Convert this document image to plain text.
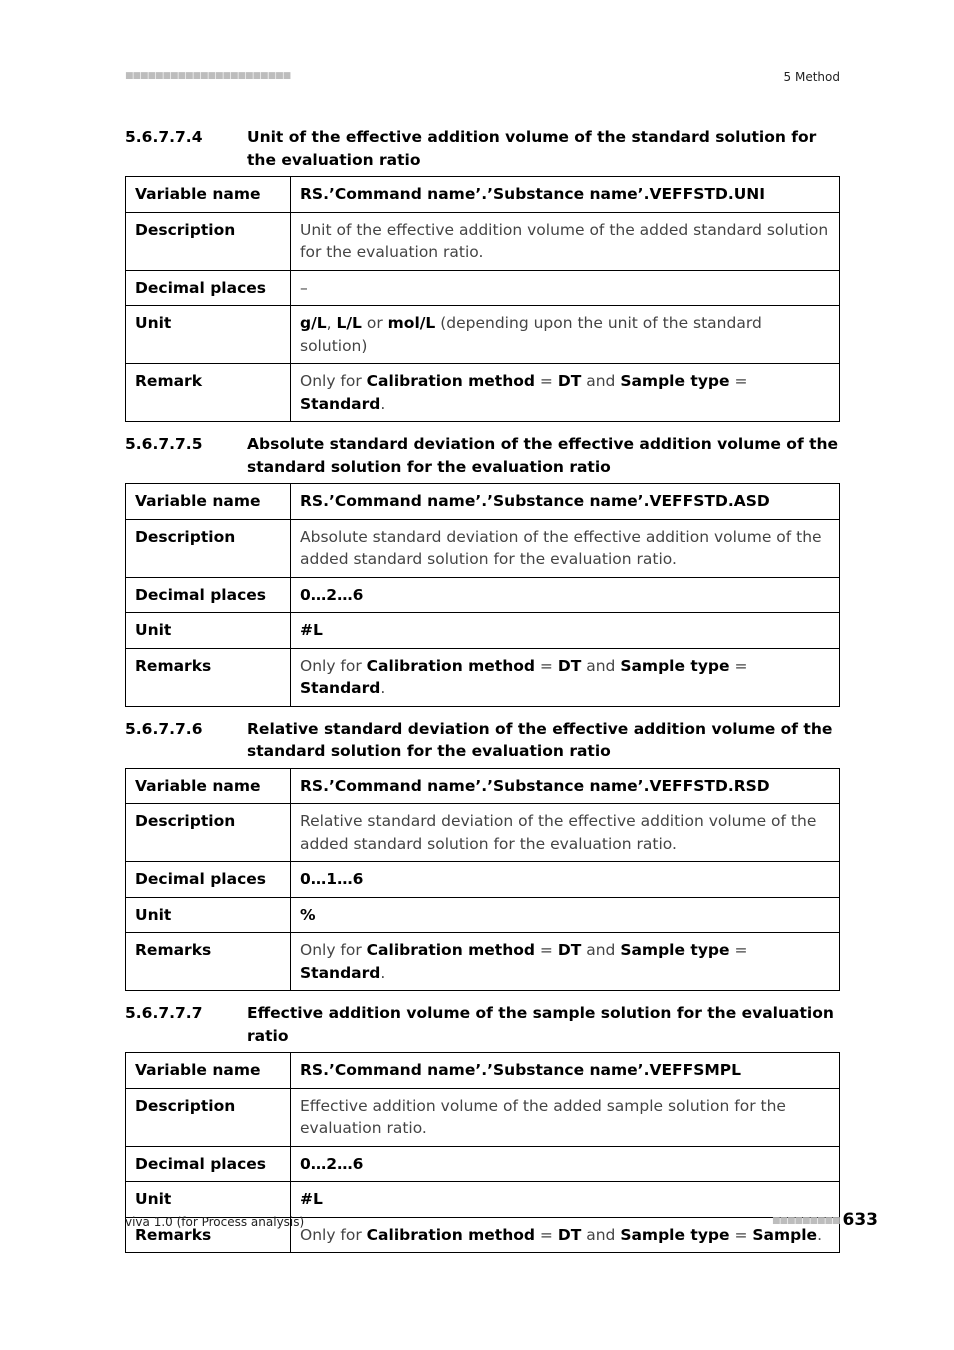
■■■■■■■■■■■■■■■■■■■■■■	5 Method
5.6.7.7.4	Unit of the effective addition volume of the standard solution for the evaluation ratio
Variable name	RS.’Command name’.’Substance name’.VEFFSTD.UNI
Description	Unit of the effective addition volume of the added standard solution for the evaluation ratio.
Decimal places	–
Unit	g/L, L/L or mol/L (depending upon the unit of the standard solution)
Remark	Only for Calibration method = DT and Sample type = Standard.
5.6.7.7.5	Absolute standard deviation of the effective addition volume of the standard solution for the evaluation ratio
Variable name	RS.’Command name’.’Substance name’.VEFFSTD.ASD
Description	Absolute standard deviation of the effective addition volume of the added standard solution for the evaluation ratio.
Decimal places	0…2…6
Unit	#L
Remarks	Only for Calibration method = DT and Sample type = Standard.
5.6.7.7.6	Relative standard deviation of the effective addition volume of the standard solution for the evaluation ratio
Variable name	RS.’Command name’.’Substance name’.VEFFSTD.RSD
Description	Relative standard deviation of the effective addition volume of the added standard solution for the evaluation ratio.
Decimal places	0…1…6
Unit	%
Remarks	Only for Calibration method = DT and Sample type = Standard.
5.6.7.7.7	Effective addition volume of the sample solution for the evaluation ratio
Variable name	RS.’Command name’.’Substance name’.VEFFSMPL
Description	Effective addition volume of the added sample solution for the evaluation ratio.
Decimal places	0…2…6
Unit	#L
Remarks	Only for Calibration method = DT and Sample type = Sample.
viva 1.0 (for Process analysis)	■■■■■■■■■ 633
